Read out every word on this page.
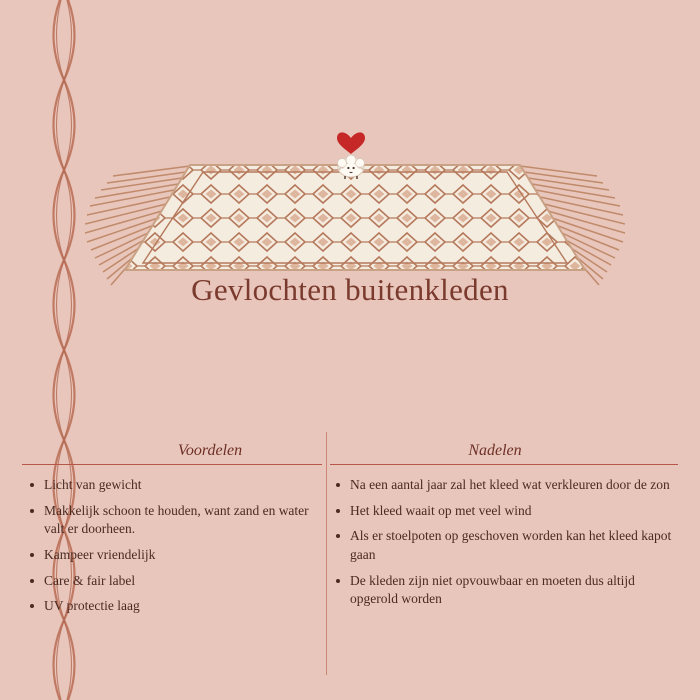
Gevlochten buitenkleden
Voordelen	Nadelen
Licht van gewicht
Makkelijk schoon te houden, want zand en water valt er doorheen.
Kampeer vriendelijk
Care & fair label
UV protectie laag
Na een aantal jaar zal het kleed wat verkleuren door de zon
Het kleed waait op met veel wind
Als er stoelpoten op geschoven worden kan het kleed kapot gaan
De kleden zijn niet opvouwbaar en moeten dus altijd opgerold worden
